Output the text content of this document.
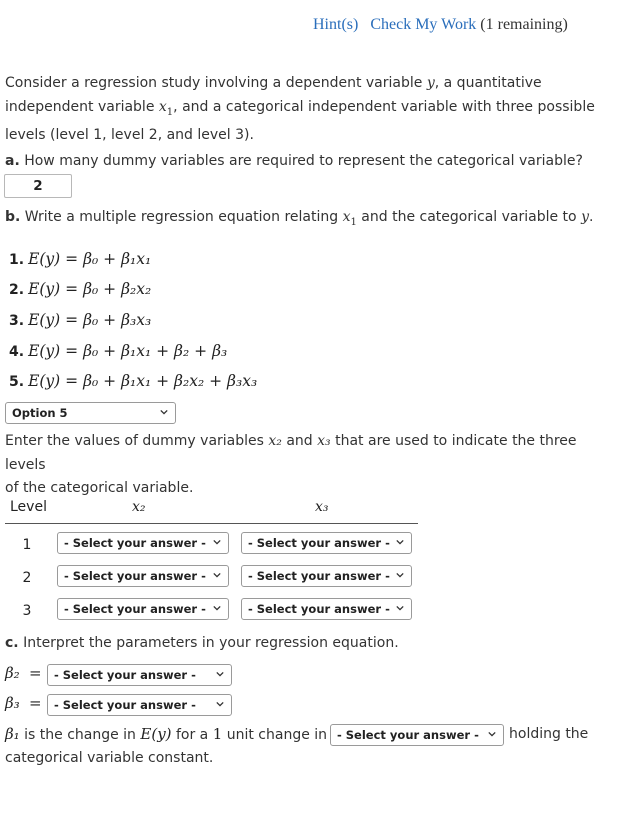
Hint(s) Check My Work (1 remaining)
Consider a regression study involving a dependent variable y, a quantitative
independent variable $x_1$, and a categorical independent variable with three possible
levels (level 1, level 2, and level 3).
a. How many dummy variables are required to represent the categorical variable?
2
b. Write a multiple regression equation relating $x_1$ and the categorical variable to y.
1. E(y) = β₀ + β₁x₁
2. E(y) = β₀ + β₂x₂
3. E(y) = β₀ + β₃x₃
4. E(y) = β₀ + β₁x₁ + β₂ + β₃
5. E(y) = β₀ + β₁x₁ + β₂x₂ + β₃x₃
Option 5
Enter the values of dummy variables x₂ and x₃ that are used to indicate the three levels
of the categorical variable.
Level	x₂	x₃
1	- Select your answer -	- Select your answer -
2	- Select your answer -	- Select your answer -
3	- Select your answer -	- Select your answer -
c. Interpret the parameters in your regression equation.
β₂ =	- Select your answer -
β₃ =	- Select your answer -
β₁ is the change in E(y) for a 1 unit change in - Select your answer -	holding the
categorical variable constant.
